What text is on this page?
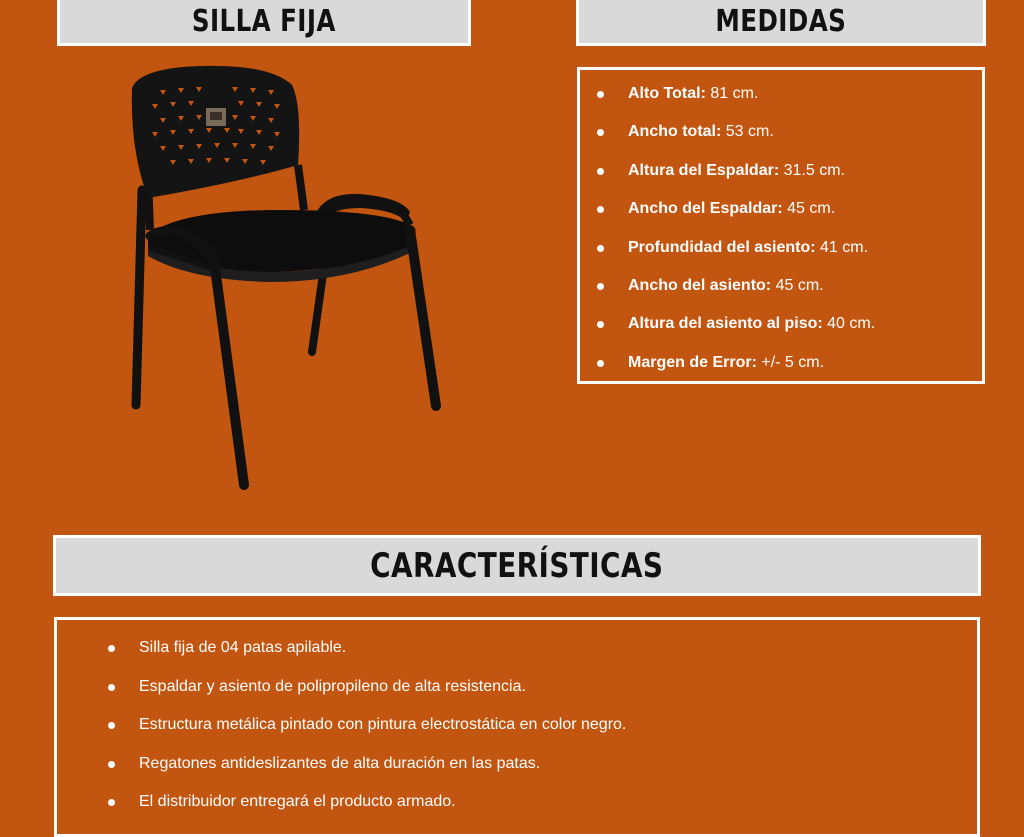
SILLA FIJA	MEDIDAS
Alto Total: 81 cm.
Ancho total: 53 cm.
Altura del Espaldar: 31.5 cm.
Ancho del Espaldar: 45 cm.
Profundidad del asiento: 41 cm.
Ancho del asiento: 45 cm.
Altura del asiento al piso: 40 cm.
Margen de Error: +/- 5 cm.
CARACTERÍSTICAS
Silla fija de 04 patas apilable.
Espaldar y asiento de polipropileno de alta resistencia.
Estructura metálica pintado con pintura electrostática en color negro.
Regatones antideslizantes de alta duración en las patas.
El distribuidor entregará el producto armado.
